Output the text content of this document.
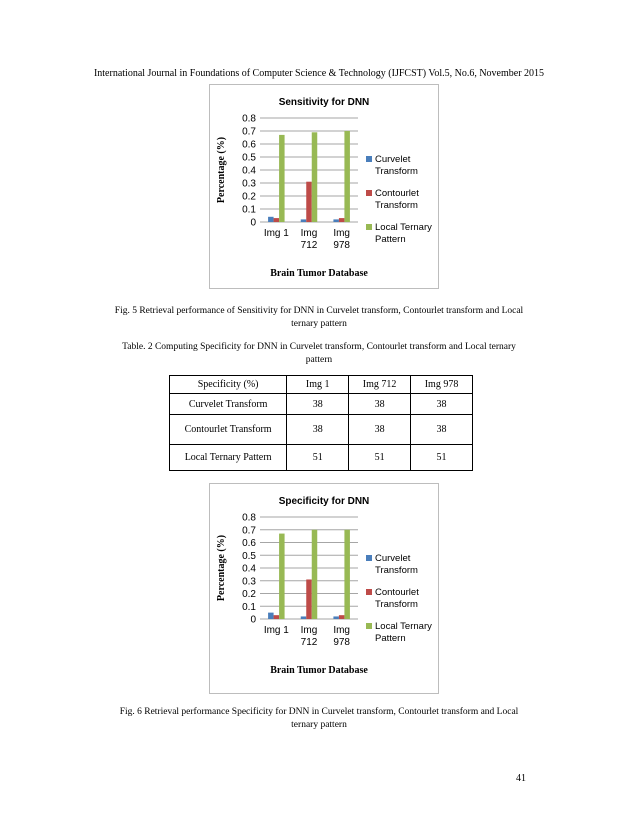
International Journal in Foundations of Computer Science & Technology (IJFCST) Vol.5, No.6, November 2015
Sensitivity for DNN
0
0.1
0.2
0.3
0.4
0.5
0.6
0.7
0.8
Img 1 Img
712
Img
978
Percentage (%)
Brain Tumor Database
Curvelet
Transform
Contourlet
Transform
Local Ternary
Pattern
Fig. 5 Retrieval performance of Sensitivity for DNN in Curvelet transform, Contourlet transform and Local
ternary pattern
Table. 2 Computing Specificity for DNN in Curvelet transform, Contourlet transform and Local ternary
pattern
Specificity (%)	Img 1	Img 712	Img 978
Curvelet Transform	38	38	38
Contourlet Transform	38	38	38
Local Ternary Pattern	51	51	51
Specificity for DNN
0
0.1
0.2
0.3
0.4
0.5
0.6
0.7
0.8
Img 1 Img
712
Img
978
Percentage (%)
Brain Tumor Database
Curvelet
Transform
Contourlet
Transform
Local Ternary
Pattern
Fig. 6 Retrieval performance Specificity for DNN in Curvelet transform, Contourlet transform and Local
ternary pattern
41
